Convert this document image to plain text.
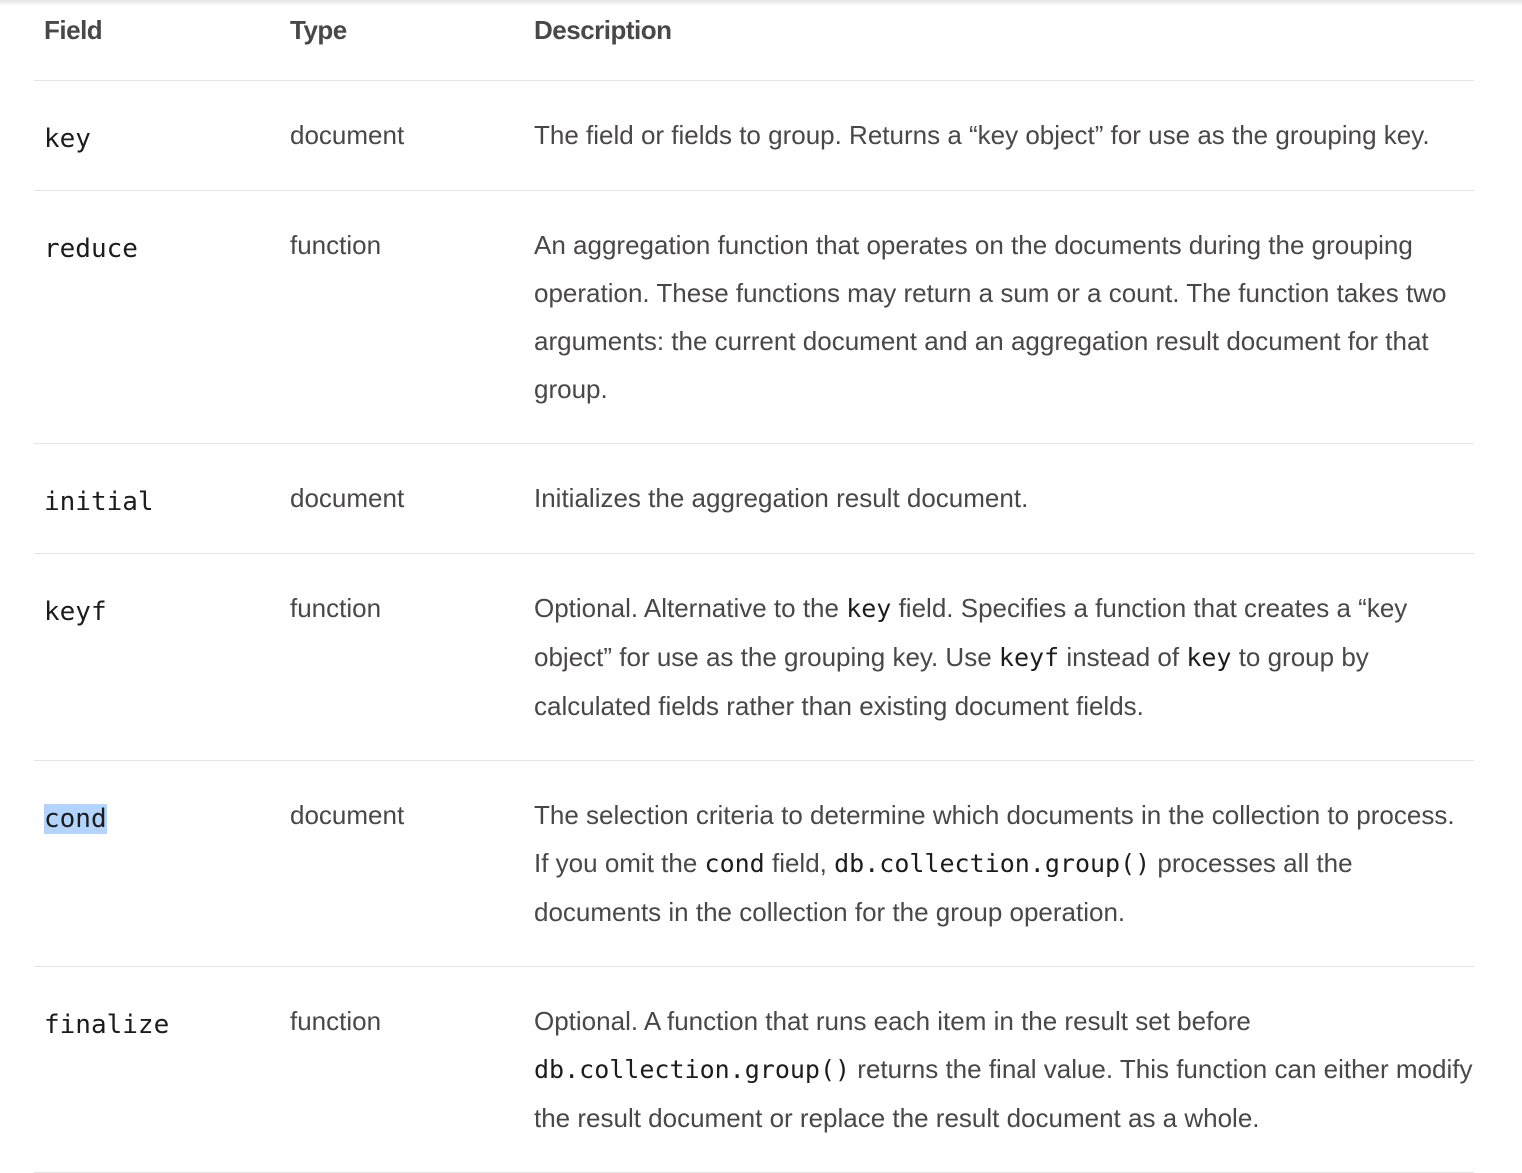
Field	Type	Description
key	document	The field or fields to group. Returns a “key object” for use as the grouping key.
reduce	function	An aggregation function that operates on the documents during the grouping operation. These functions may return a sum or a count. The function takes two arguments: the current document and an aggregation result document for that group.
initial	document	Initializes the aggregation result document.
keyf	function	Optional. Alternative to the key field. Specifies a function that creates a “key object” for use as the grouping key. Use keyf instead of key to group by calculated fields rather than existing document fields.
cond	document	The selection criteria to determine which documents in the collection to process. If you omit the cond field, db.collection.group() processes all the documents in the collection for the group operation.
finalize	function	Optional. A function that runs each item in the result set before db.collection.group() returns the final value. This function can either modify the result document or replace the result document as a whole.
